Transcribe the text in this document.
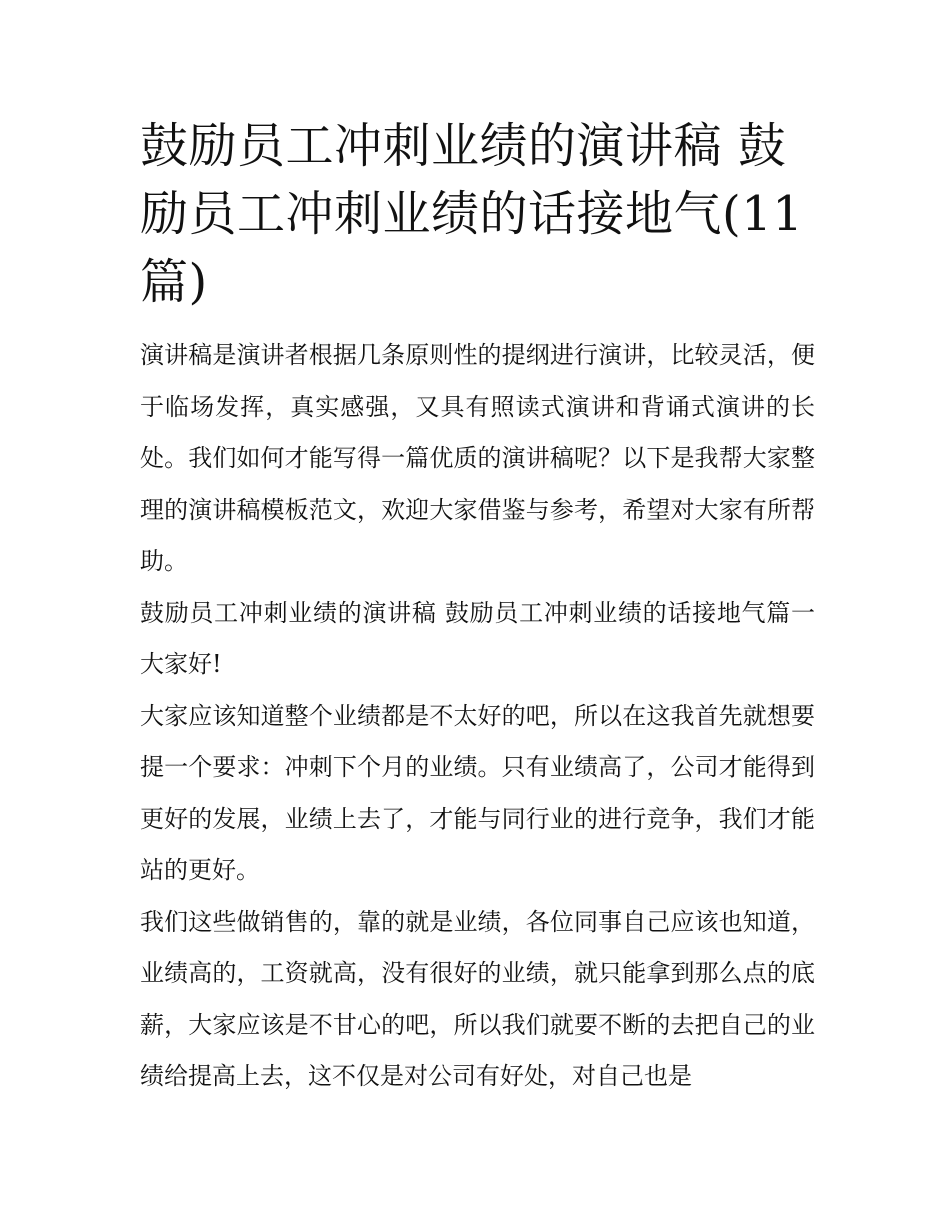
鼓励员工冲刺业绩的演讲稿 鼓励员工冲刺业绩的话接地气(11篇)

演讲稿是演讲者根据几条原则性的提纲进行演讲，比较灵活，便于临场发挥，真实感强，又具有照读式演讲和背诵式演讲的长处。我们如何才能写得一篇优质的演讲稿呢？以下是我帮大家整理的演讲稿模板范文，欢迎大家借鉴与参考，希望对大家有所帮助。

鼓励员工冲刺业绩的演讲稿 鼓励员工冲刺业绩的话接地气篇一 大家好!

大家应该知道整个业绩都是不太好的吧，所以在这我首先就想要提一个要求：冲刺下个月的业绩。只有业绩高了，公司才能得到更好的发展，业绩上去了，才能与同行业的进行竞争，我们才能站的更好。

我们这些做销售的，靠的就是业绩，各位同事自己应该也知道，业绩高的，工资就高，没有很好的业绩，就只能拿到那么点的底薪，大家应该是不甘心的吧，所以我们就要不断的去把自己的业绩给提高上去，这不仅是对公司有好处，对自己也是
